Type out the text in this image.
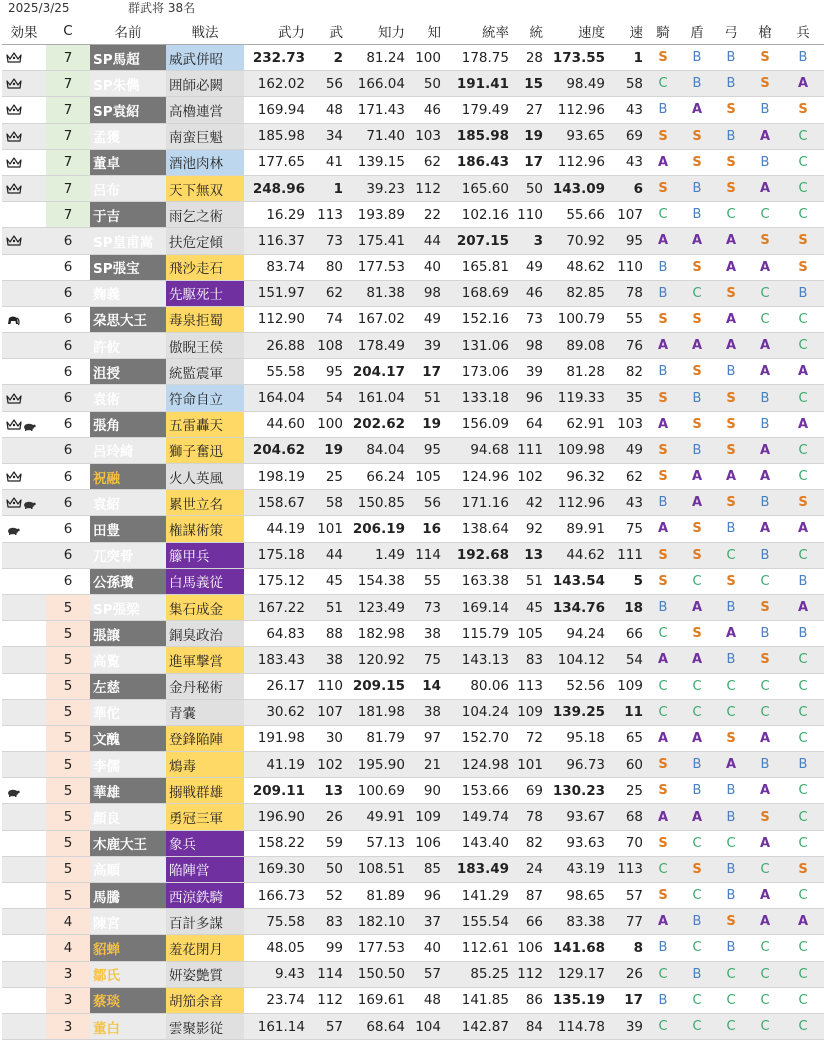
2025/3/25	群武将 38名
効果	C	名前	戦法	武力	武	知力	知	統率	統	速度	速	騎	盾	弓	槍	兵
	7	SP馬超	威武併昭	232.73	2	81.24	100	178.75	28	173.55	1	S	B	B	S	B
	7	SP朱儁	囲師必闕	162.02	56	166.04	50	191.41	15	98.49	58	C	B	B	S	A
	7	SP袁紹	高櫓連営	169.94	48	171.43	46	179.49	27	112.96	43	B	A	S	B	S
	7	孟獲	南蛮巨魁	185.98	34	71.40	103	185.98	19	93.65	69	S	S	B	A	C
	7	董卓	酒池肉林	177.65	41	139.15	62	186.43	17	112.96	43	A	S	S	B	C
	7	呂布	天下無双	248.96	1	39.23	112	165.60	50	143.09	6	S	B	S	A	C
	7	于吉	雨乞之術	16.29	113	193.89	22	102.16	110	55.66	107	C	B	C	C	C
	6	SP皇甫嵩	扶危定傾	116.37	73	175.41	44	207.15	3	70.92	95	A	A	A	S	S
	6	SP張宝	飛沙走石	83.74	80	177.53	40	165.81	49	48.62	110	B	S	A	A	S
	6	麹義	先駆死士	151.97	62	81.38	98	168.69	46	82.85	78	B	C	S	C	B
	6	朶思大王	毒泉拒蜀	112.90	74	167.02	49	152.16	73	100.79	55	S	S	A	C	C
	6	許攸	傲睨王侯	26.88	108	178.49	39	131.06	98	89.08	76	A	A	A	A	C
	6	沮授	統監震軍	55.58	95	204.17	17	173.06	39	81.28	82	B	S	B	A	A
	6	袁術	符命自立	164.04	54	161.04	51	133.18	96	119.33	35	S	B	S	B	C
	6	張角	五雷轟天	44.60	100	202.62	19	156.09	64	62.91	103	A	S	S	B	A
	6	呂玲綺	獅子奮迅	204.62	19	84.04	95	94.68	111	109.98	49	S	B	S	A	C
	6	祝融	火人英風	198.19	25	66.24	105	124.96	102	96.32	62	S	A	A	A	C
	6	袁紹	累世立名	158.67	58	150.85	56	171.16	42	112.96	43	B	A	S	B	S
	6	田豊	権謀術策	44.19	101	206.19	16	138.64	92	89.91	75	A	S	B	A	A
	6	兀突骨	籐甲兵	175.18	44	1.49	114	192.68	13	44.62	111	S	S	C	B	C
	6	公孫瓚	白馬義従	175.12	45	154.38	55	163.38	51	143.54	5	S	C	S	C	B
	5	SP張梁	集石成金	167.22	51	123.49	73	169.14	45	134.76	18	B	A	B	S	A
	5	張譲	銅臭政治	64.83	88	182.98	38	115.79	105	94.24	66	C	S	A	B	B
	5	高覧	進軍撃営	183.43	38	120.92	75	143.13	83	104.12	54	A	A	B	S	C
	5	左慈	金丹秘術	26.17	110	209.15	14	80.06	113	52.56	109	C	C	C	C	C
	5	華佗	青嚢	30.62	107	181.98	38	104.24	109	139.25	11	C	C	C	C	C
	5	文醜	登鋒陥陣	191.98	30	81.79	97	152.70	72	95.18	65	A	A	S	A	C
	5	李儒	鴆毒	41.19	102	195.90	21	124.98	101	96.73	60	S	B	A	B	B
	5	華雄	搦戦群雄	209.11	13	100.69	90	153.66	69	130.23	25	S	B	B	A	C
	5	顔良	勇冠三軍	196.90	26	49.91	109	149.74	78	93.67	68	A	A	B	S	C
	5	木鹿大王	象兵	158.22	59	57.13	106	143.40	82	93.63	70	S	C	C	A	C
	5	高順	陥陣営	169.30	50	108.51	85	183.49	24	43.19	113	C	S	B	C	S
	5	馬騰	西涼鉄騎	166.73	52	81.89	96	141.29	87	98.65	57	S	C	B	A	C
	4	陳宮	百計多謀	75.58	83	182.10	37	155.54	66	83.38	77	A	B	S	A	A
	4	貂蝉	羞花閉月	48.05	99	177.53	40	112.61	106	141.68	8	B	C	B	C	C
	3	鄒氏	妍姿艶質	9.43	114	150.50	57	85.25	112	129.17	26	C	B	C	C	C
	3	蔡琰	胡笳余音	23.74	112	169.61	48	141.85	86	135.19	17	B	C	C	C	C
	3	董白	雲聚影従	161.14	57	68.64	104	142.87	84	114.78	39	C	C	C	C	C
